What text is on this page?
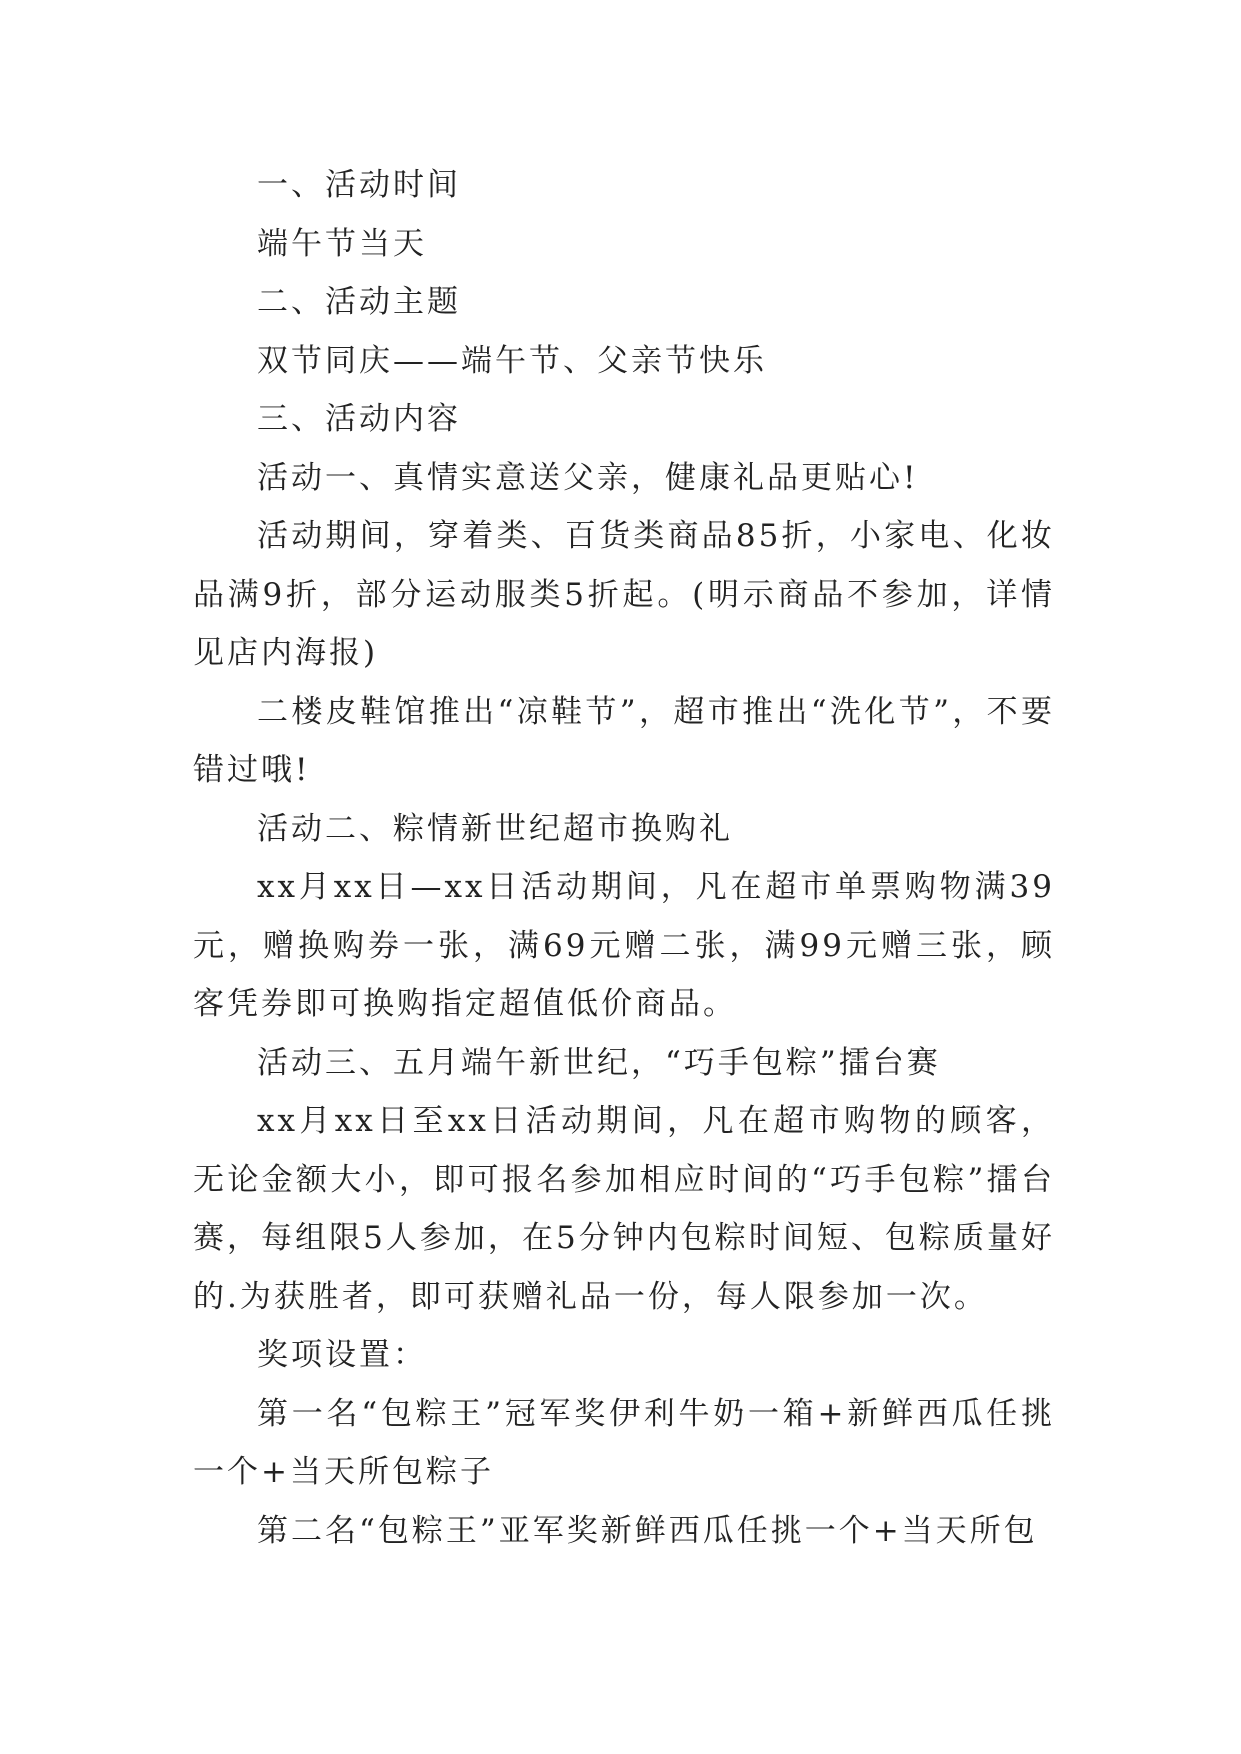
一、活动时间

端午节当天

二、活动主题

双节同庆——端午节、父亲节快乐

三、活动内容

活动一、真情实意送父亲，健康礼品更贴心!

活动期间，穿着类、百货类商品85折，小家电、化妆品满9折，部分运动服类5折起。(明示商品不参加，详情见店内海报)

二楼皮鞋馆推出“凉鞋节”，超市推出“洗化节”，不要错过哦!

活动二、粽情新世纪超市换购礼

xx月xx日—xx日活动期间，凡在超市单票购物满39元，赠换购券一张，满69元赠二张，满99元赠三张，顾客凭券即可换购指定超值低价商品。

活动三、五月端午新世纪，“巧手包粽”擂台赛

xx月xx日至xx日活动期间，凡在超市购物的顾客，无论金额大小，即可报名参加相应时间的“巧手包粽”擂台赛，每组限5人参加，在5分钟内包粽时间短、包粽质量好的.为获胜者，即可获赠礼品一份，每人限参加一次。

奖项设置：

第一名“包粽王”冠军奖伊利牛奶一箱+新鲜西瓜任挑一个+当天所包粽子

第二名“包粽王”亚军奖新鲜西瓜任挑一个+当天所包
